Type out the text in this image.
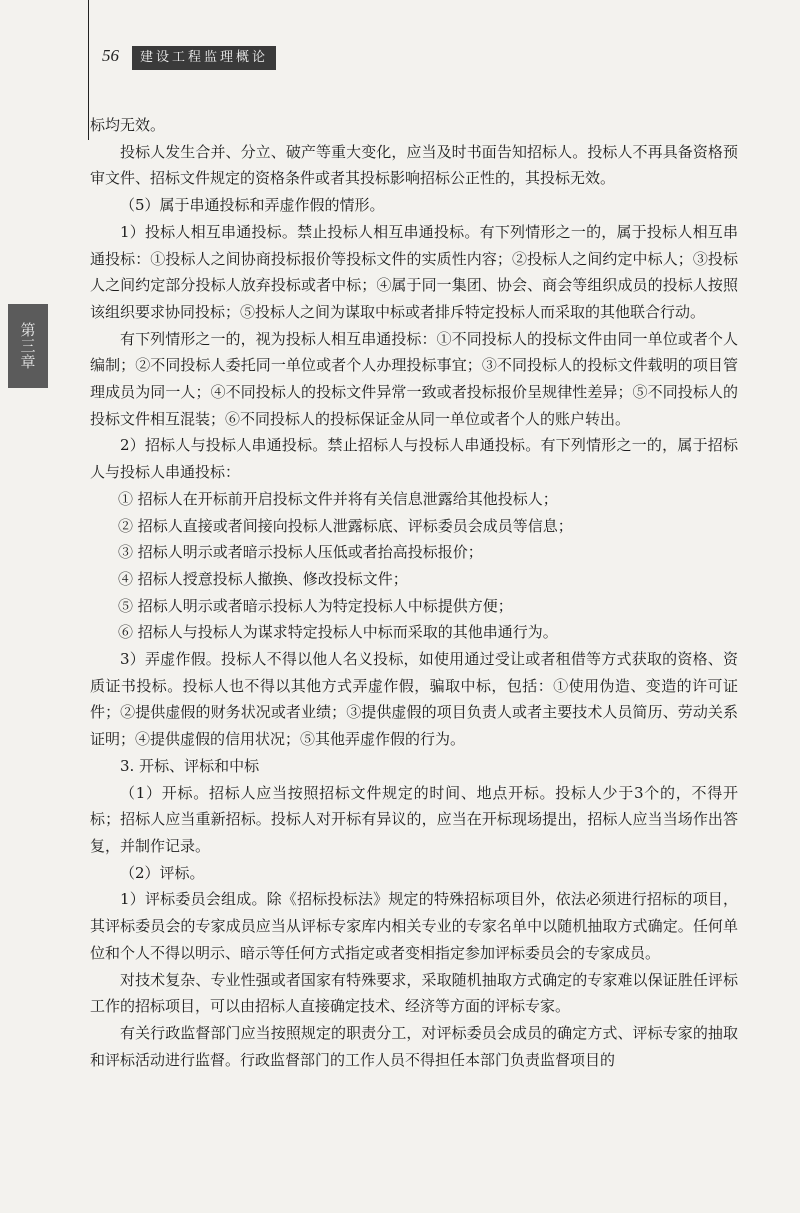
56	建设工程监理概论
第三章

标均无效。

投标人发生合并、分立、破产等重大变化，应当及时书面告知招标人。投标人不再具备资格预审文件、招标文件规定的资格条件或者其投标影响招标公正性的，其投标无效。

（5）属于串通投标和弄虚作假的情形。

1）投标人相互串通投标。禁止投标人相互串通投标。有下列情形之一的，属于投标人相互串通投标：①投标人之间协商投标报价等投标文件的实质性内容；②投标人之间约定中标人；③投标人之间约定部分投标人放弃投标或者中标；④属于同一集团、协会、商会等组织成员的投标人按照该组织要求协同投标；⑤投标人之间为谋取中标或者排斥特定投标人而采取的其他联合行动。

有下列情形之一的，视为投标人相互串通投标：①不同投标人的投标文件由同一单位或者个人编制；②不同投标人委托同一单位或者个人办理投标事宜；③不同投标人的投标文件载明的项目管理成员为同一人；④不同投标人的投标文件异常一致或者投标报价呈规律性差异；⑤不同投标人的投标文件相互混装；⑥不同投标人的投标保证金从同一单位或者个人的账户转出。

2）招标人与投标人串通投标。禁止招标人与投标人串通投标。有下列情形之一的，属于招标人与投标人串通投标：

① 招标人在开标前开启投标文件并将有关信息泄露给其他投标人；

② 招标人直接或者间接向投标人泄露标底、评标委员会成员等信息；

③ 招标人明示或者暗示投标人压低或者抬高投标报价；

④ 招标人授意投标人撤换、修改投标文件；

⑤ 招标人明示或者暗示投标人为特定投标人中标提供方便；

⑥ 招标人与投标人为谋求特定投标人中标而采取的其他串通行为。

3）弄虚作假。投标人不得以他人名义投标，如使用通过受让或者租借等方式获取的资格、资质证书投标。投标人也不得以其他方式弄虚作假，骗取中标，包括：①使用伪造、变造的许可证件；②提供虚假的财务状况或者业绩；③提供虚假的项目负责人或者主要技术人员简历、劳动关系证明；④提供虚假的信用状况；⑤其他弄虚作假的行为。

3. 开标、评标和中标

（1）开标。招标人应当按照招标文件规定的时间、地点开标。投标人少于3个的，不得开标；招标人应当重新招标。投标人对开标有异议的，应当在开标现场提出，招标人应当当场作出答复，并制作记录。

（2）评标。

1）评标委员会组成。除《招标投标法》规定的特殊招标项目外，依法必须进行招标的项目，其评标委员会的专家成员应当从评标专家库内相关专业的专家名单中以随机抽取方式确定。任何单位和个人不得以明示、暗示等任何方式指定或者变相指定参加评标委员会的专家成员。

对技术复杂、专业性强或者国家有特殊要求，采取随机抽取方式确定的专家难以保证胜任评标工作的招标项目，可以由招标人直接确定技术、经济等方面的评标专家。

有关行政监督部门应当按照规定的职责分工，对评标委员会成员的确定方式、评标专家的抽取和评标活动进行监督。行政监督部门的工作人员不得担任本部门负责监督项目的
